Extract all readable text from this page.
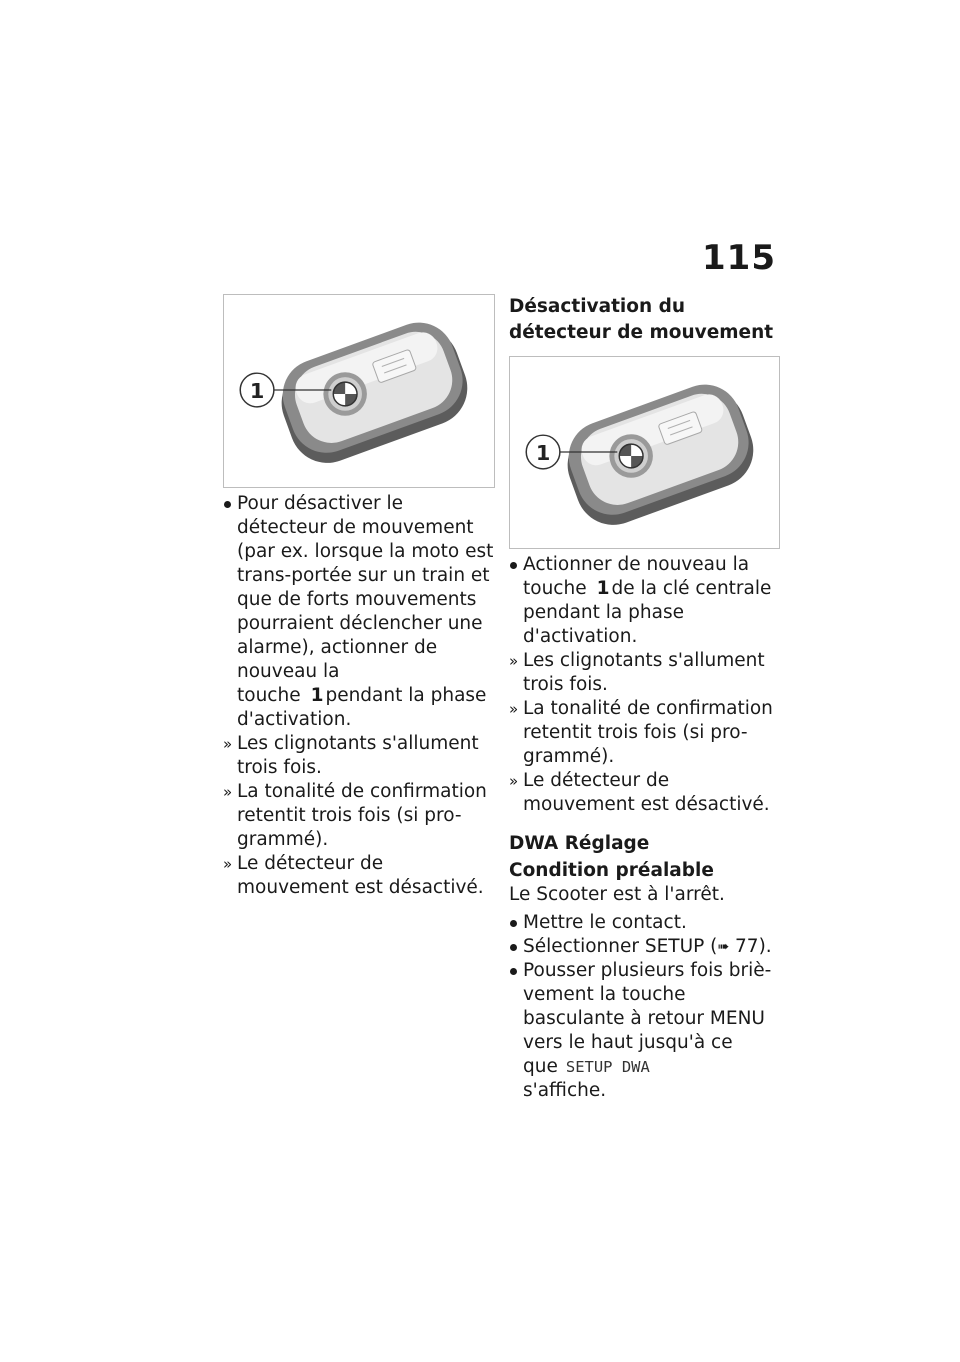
115
1
Pour désactiver le détecteur de mouvement (par ex. lorsque la moto est trans-portée sur un train et que de forts mouvements pourraient déclencher une alarme), actionner de nouveau la touche 1 pendant la phase d'activation.
» Les clignotants s'allument trois fois.
» La tonalité de confirmation retentit trois fois (si pro-grammé).
» Le détecteur de mouvement est désactivé.
Désactivation du détecteur de mouvement
1
Actionner de nouveau la touche 1 de la clé centrale pendant la phase d'activation.
» Les clignotants s'allument trois fois.
» La tonalité de confirmation retentit trois fois (si pro-grammé).
» Le détecteur de mouvement est désactivé.
DWA Réglage
Condition préalable

Le Scooter est à l'arrêt.

Mettre le contact.
Sélectionner SETUP (➠ 77).
Pousser plusieurs fois briè-vement la touche basculante à retour MENU vers le haut jusqu'à ce que SETUP DWA
s'affiche.
